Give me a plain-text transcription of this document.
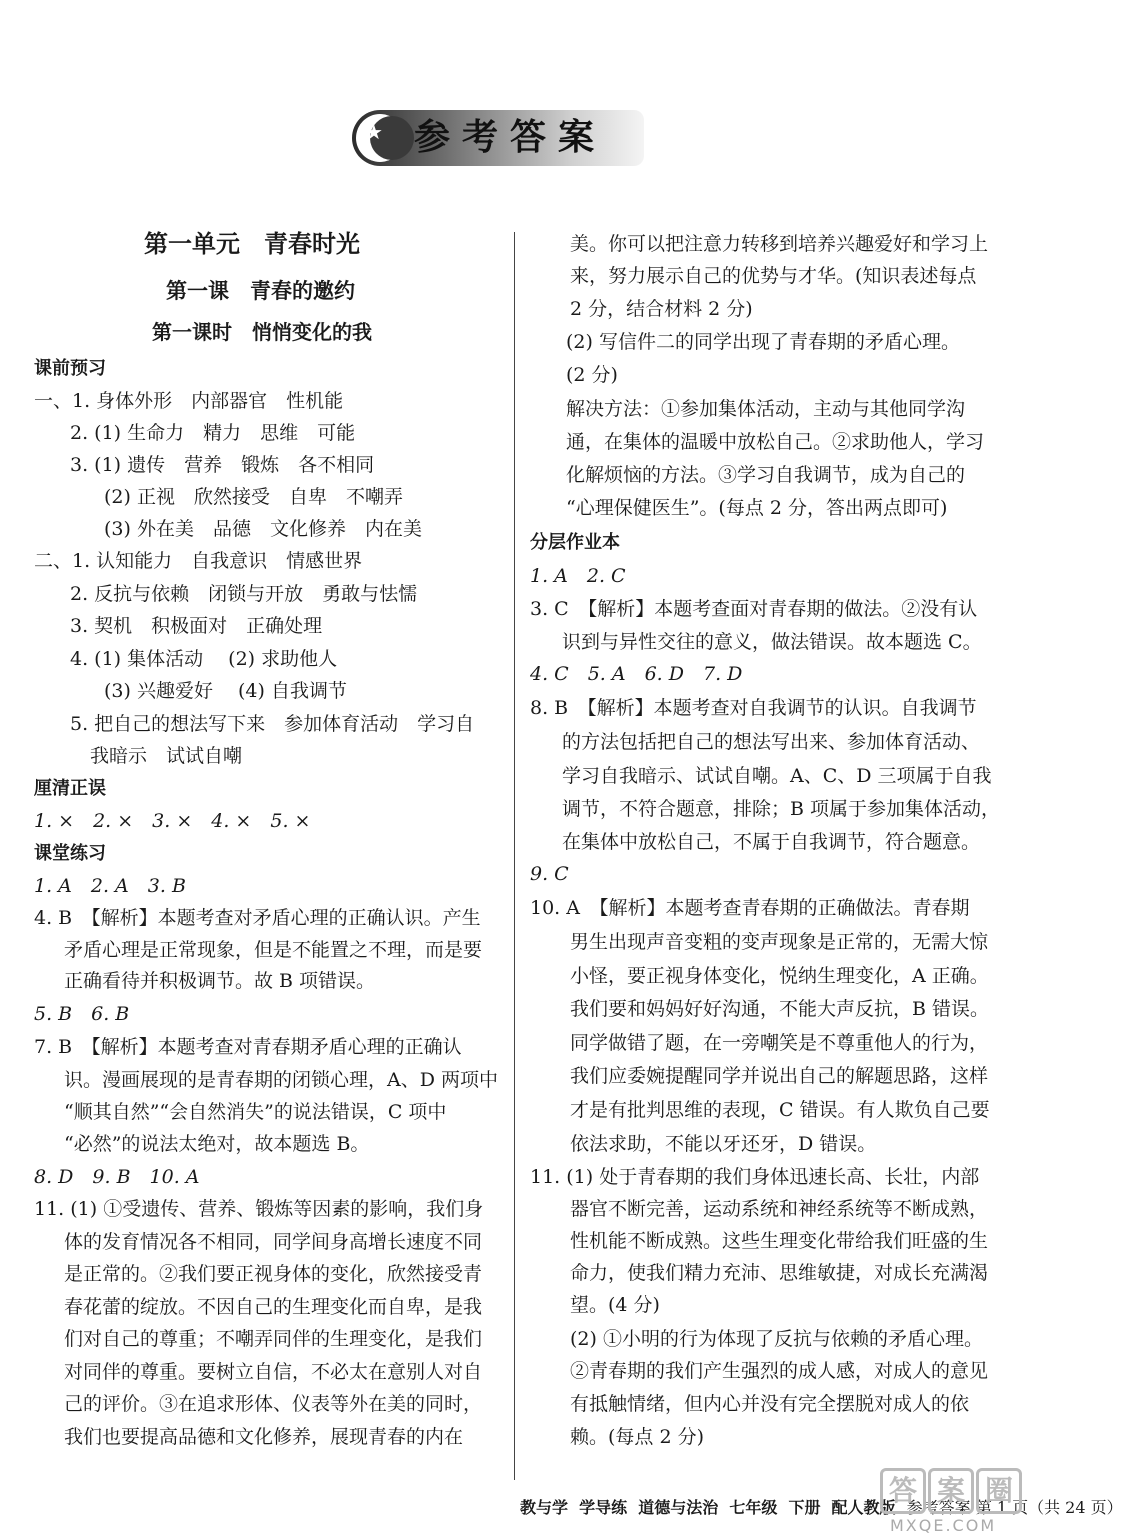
★ 参考答案
第一单元　青春时光
第一课　青春的邀约
第一课时　悄悄变化的我
课前预习
一、1. 身体外形　内部器官　性机能
2. (1) 生命力　精力　思维　可能
3. (1) 遗传　营养　锻炼　各不相同
(2) 正视　欣然接受　自卑　不嘲弄
(3) 外在美　品德　文化修养　内在美
二、1. 认知能力　自我意识　情感世界
2. 反抗与依赖　闭锁与开放　勇敢与怯懦
3. 契机　积极面对　正确处理
4. (1) 集体活动　 (2) 求助他人
(3) 兴趣爱好　 (4) 自我调节
5. 把自己的想法写下来　参加体育活动　学习自
我暗示　试试自嘲
厘清正误
1. ×　2. ×　3. ×　4. ×　5. ×
课堂练习
1. A　2. A　3. B
4. B　【解析】本题考查对矛盾心理的正确认识。产生
矛盾心理是正常现象，但是不能置之不理，而是要
正确看待并积极调节。故 B 项错误。
5. B　6. B
7. B　【解析】本题考查对青春期矛盾心理的正确认
识。漫画展现的是青春期的闭锁心理，A、D 两项中
“顺其自然”“会自然消失”的说法错误，C 项中
“必然”的说法太绝对，故本题选 B。
8. D　9. B　10. A
11. (1) ①受遗传、营养、锻炼等因素的影响，我们身
体的发育情况各不相同，同学间身高增长速度不同
是正常的。②我们要正视身体的变化，欣然接受青
春花蕾的绽放。不因自己的生理变化而自卑，是我
们对自己的尊重；不嘲弄同伴的生理变化，是我们
对同伴的尊重。要树立自信，不必太在意别人对自
己的评价。③在追求形体、仪表等外在美的同时，
我们也要提高品德和文化修养，展现青春的内在
美。你可以把注意力转移到培养兴趣爱好和学习上
来，努力展示自己的优势与才华。(知识表述每点
2 分，结合材料 2 分)
(2) 写信件二的同学出现了青春期的矛盾心理。
(2 分)
解决方法：①参加集体活动，主动与其他同学沟
通，在集体的温暖中放松自己。②求助他人，学习
化解烦恼的方法。③学习自我调节，成为自己的
“心理保健医生”。(每点 2 分，答出两点即可)
分层作业本
1. A　2. C
3. C　【解析】本题考查面对青春期的做法。②没有认
识到与异性交往的意义，做法错误。故本题选 C。
4. C　5. A　6. D　7. D
8. B　【解析】本题考查对自我调节的认识。自我调节
的方法包括把自己的想法写出来、参加体育活动、
学习自我暗示、试试自嘲。A、C、D 三项属于自我
调节，不符合题意，排除；B 项属于参加集体活动，
在集体中放松自己，不属于自我调节，符合题意。
9. C
10. A　【解析】本题考查青春期的正确做法。青春期
男生出现声音变粗的变声现象是正常的，无需大惊
小怪，要正视身体变化，悦纳生理变化，A 正确。
我们要和妈妈好好沟通，不能大声反抗，B 错误。
同学做错了题，在一旁嘲笑是不尊重他人的行为，
我们应委婉提醒同学并说出自己的解题思路，这样
才是有批判思维的表现，C 错误。有人欺负自己要
依法求助，不能以牙还牙，D 错误。
11. (1) 处于青春期的我们身体迅速长高、长壮，内部
器官不断完善，运动系统和神经系统等不断成熟，
性机能不断成熟。这些生理变化带给我们旺盛的生
命力，使我们精力充沛、思维敏捷，对成长充满渴
望。(4 分)
(2) ①小明的行为体现了反抗与依赖的矛盾心理。
②青春期的我们产生强烈的成人感，对成人的意见
有抵触情绪，但内心并没有完全摆脱对成人的依
赖。(每点 2 分)
教与学 学导练 道德与法治 七年级 下册 配人教版 参考答案 第 1 页（共 24 页）
答 案 圈
MXQE.COM
